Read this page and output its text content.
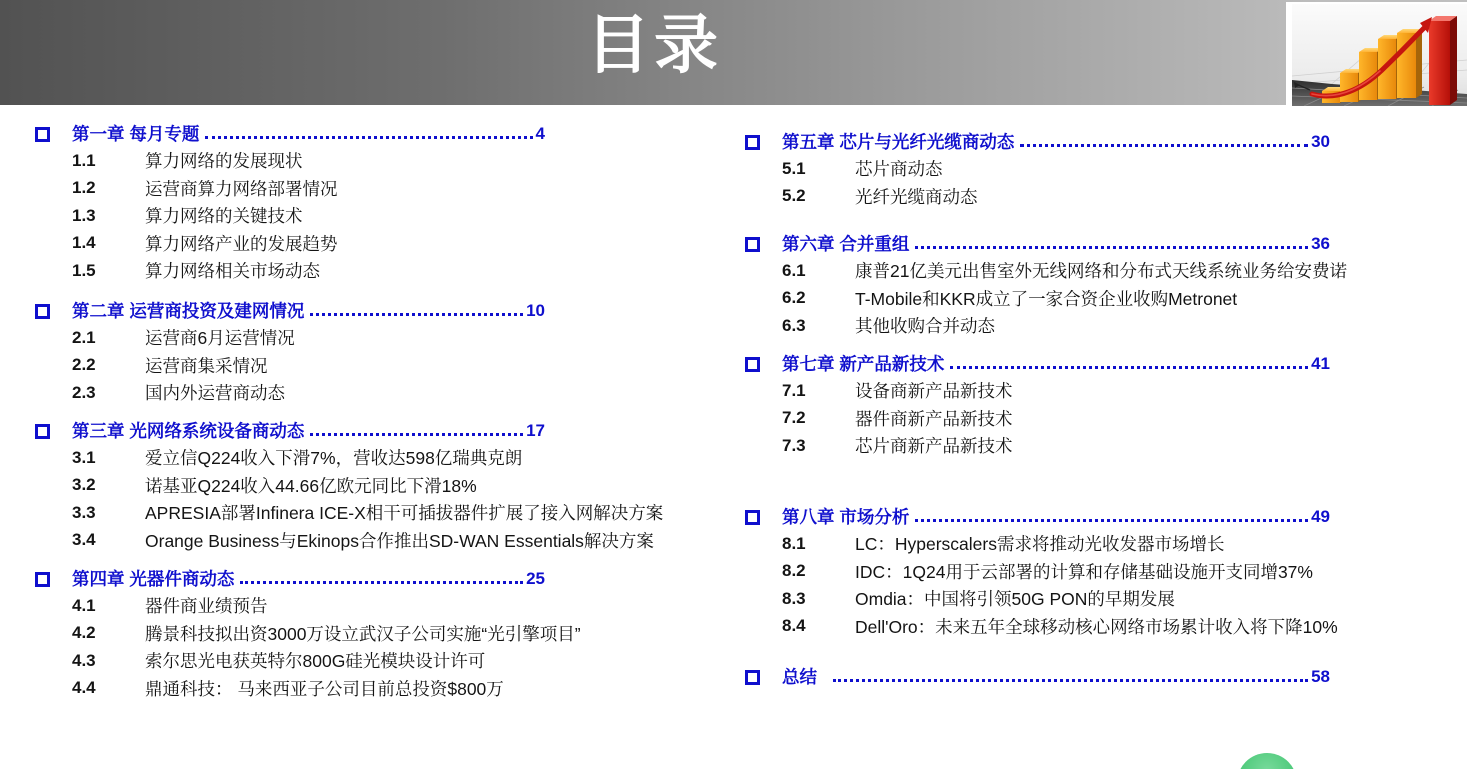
目录
第一章 每月专题	4
1.1	算力网络的发展现状
1.2	运营商算力网络部署情况
1.3	算力网络的关键技术
1.4	算力网络产业的发展趋势
1.5	算力网络相关市场动态
第二章 运营商投资及建网情况	10
2.1	运营商6月运营情况
2.2	运营商集采情况
2.3	国内外运营商动态
第三章 光网络系统设备商动态	17
3.1	爱立信Q224收入下滑7%，营收达598亿瑞典克朗
3.2	诺基亚Q224收入44.66亿欧元同比下滑18%
3.3	APRESIA部署Infinera ICE-X相干可插拔器件扩展了接入网解决方案
3.4	Orange Business与Ekinops合作推出SD-WAN Essentials解决方案
第四章 光器件商动态	25
4.1	器件商业绩预告
4.2	腾景科技拟出资3000万设立武汉子公司实施“光引擎项目”
4.3	索尔思光电获英特尔800G硅光模块设计许可
4.4	鼎通科技： 马来西亚子公司目前总投资$800万
第五章 芯片与光纤光缆商动态	30
5.1	芯片商动态
5.2	光纤光缆商动态
第六章 合并重组	36
6.1	康普21亿美元出售室外无线网络和分布式天线系统业务给安费诺
6.2	T-Mobile和KKR成立了一家合资企业收购Metronet
6.3	其他收购合并动态
第七章 新产品新技术	41
7.1	设备商新产品新技术
7.2	器件商新产品新技术
7.3	芯片商新产品新技术
第八章 市场分析	49
8.1	LC：Hyperscalers需求将推动光收发器市场增长
8.2	IDC：1Q24用于云部署的计算和存储基础设施开支同增37%
8.3	Omdia：中国将引领50G PON的早期发展
8.4	Dell'Oro：未来五年全球移动核心网络市场累计收入将下降10%
总结	58
